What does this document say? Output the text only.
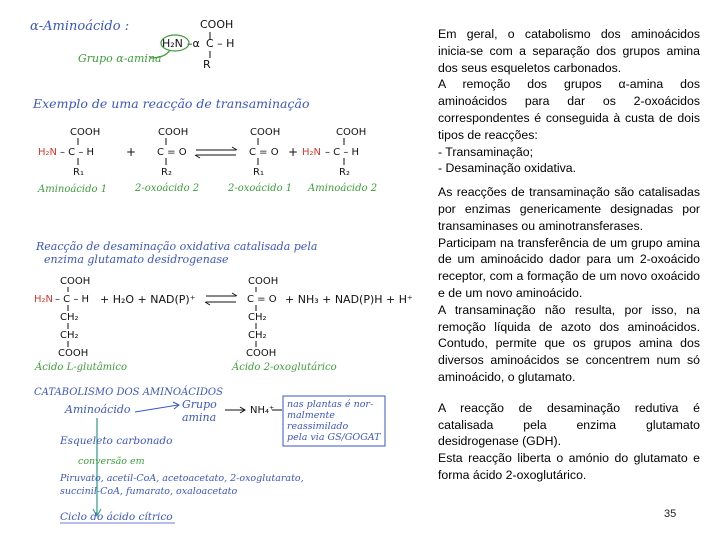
α-Aminoácido :	COOH
H₂N –α C – H
R
Grupo α-amina
Exemplo de uma reacção de transaminação
COOH
H₂N – C – H
R₁
+
COOH
C = O
R₂
COOH
C = O
R₁
+
COOH
H₂N – C – H
R₂
Aminoácido 1	2-oxoácido 2	2-oxoácido 1 Aminoácido 2
Reacção de desaminação oxidativa catalisada pela
enzima glutamato desidrogenase
COOH
H₂N – C – H
CH₂
CH₂
COOH
+ H₂O + NAD(P)⁺
COOH
C = O
CH₂
CH₂
COOH
+ NH₃ + NAD(P)H + H⁺
Ácido L-glutâmico	Ácido 2-oxoglutárico
CATABOLISMO DOS AMINOÁCIDOS
Aminoácido	Grupo
amina
NH₄⁺
nas plantas é nor-
malmente
reassimilado
pela via GS/GOGAT
Esqueleto carbonado
conversão em
Piruvato, acetil-CoA, acetoacetato, 2-oxoglutarato,
succinil-CoA, fumarato, oxaloacetato
Ciclo do ácido cítrico
Em geral, o catabolismo dos aminoácidos inicia-se com a separação dos grupos amina dos seus esqueletos carbonados.
A remoção dos grupos α-amina dos aminoácidos para dar os 2-oxoácidos correspondentes é conseguida à custa de dois tipos de reacções:
- Transaminação;
- Desaminação oxidativa.
As reacções de transaminação são catalisadas por enzimas genericamente designadas por transaminases ou aminotransferases.
Participam na transferência de um grupo amina de um aminoácido dador para um 2-oxoácido receptor, com a formação de um novo oxoácido e de um novo aminoácido.
A transaminação não resulta, por isso, na remoção líquida de azoto dos aminoácidos. Contudo, permite que os grupos amina dos diversos aminoácidos se concentrem num só aminoácido, o glutamato.
A reacção de desaminação redutiva é catalisada pela enzima glutamato desidrogenase (GDH).
Esta reacção liberta o amónio do glutamato e forma ácido 2-oxoglutárico.
35
